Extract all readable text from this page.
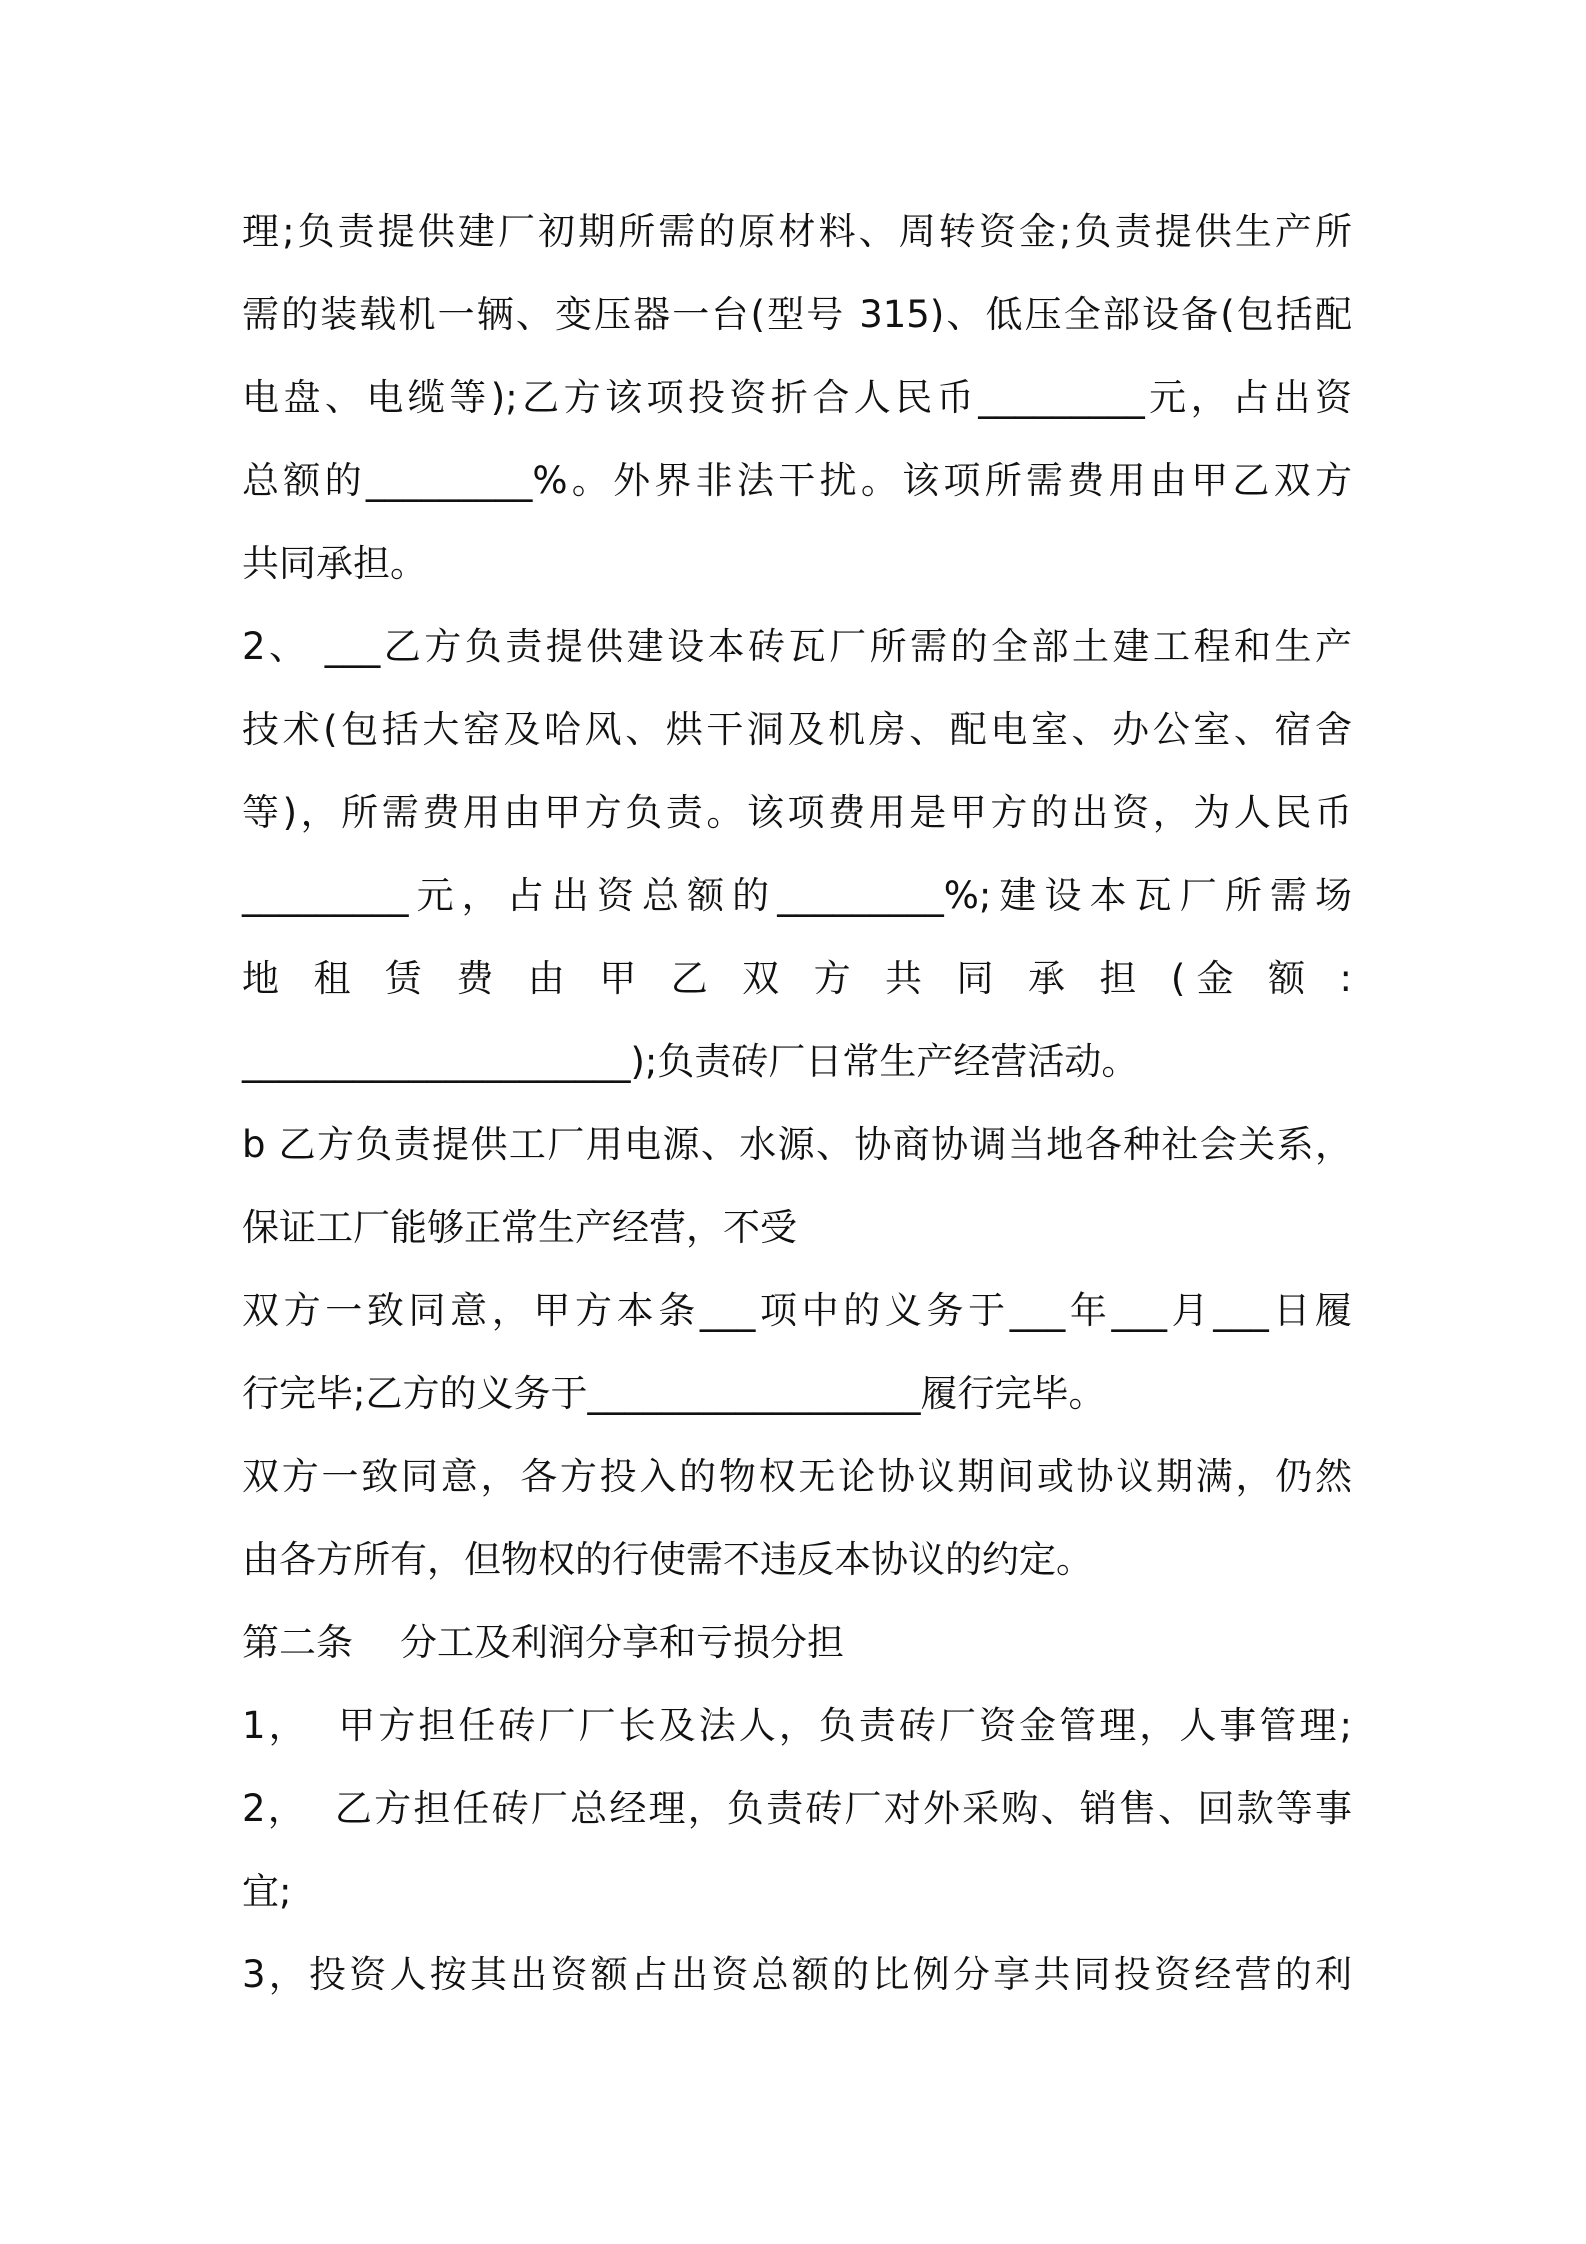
理;负责提供建厂初期所需的原材料、周转资金;负责提供生产所
需的装载机一辆、变压器一台(型号 315)、低压全部设备(包括配
电盘、电缆等);乙方该项投资折合人民币_________元，占出资
总额的_________%。外界非法干扰。该项所需费用由甲乙双方
共同承担。
2、 ___乙方负责提供建设本砖瓦厂所需的全部土建工程和生产
技术(包括大窑及哈风、烘干洞及机房、配电室、办公室、宿舍
等)，所需费用由甲方负责。该项费用是甲方的出资，为人民币
_________元，占出资总额的_________%;建设本瓦厂所需场
地 租 赁 费 由 甲 乙 双 方 共 同 承 担 (金 额 :
_____________________);负责砖厂日常生产经营活动。
b 乙方负责提供工厂用电源、水源、协商协调当地各种社会关系，
保证工厂能够正常生产经营，不受
双方一致同意，甲方本条___项中的义务于___年___月___日履
行完毕;乙方的义务于__________________履行完毕。
双方一致同意，各方投入的物权无论协议期间或协议期满，仍然
由各方所有，但物权的行使需不违反本协议的约定。
第二条    分工及利润分享和亏损分担
1，  甲方担任砖厂厂长及法人，负责砖厂资金管理，人事管理;
2，  乙方担任砖厂总经理，负责砖厂对外采购、销售、回款等事
宜;
3，投资人按其出资额占出资总额的比例分享共同投资经营的利
